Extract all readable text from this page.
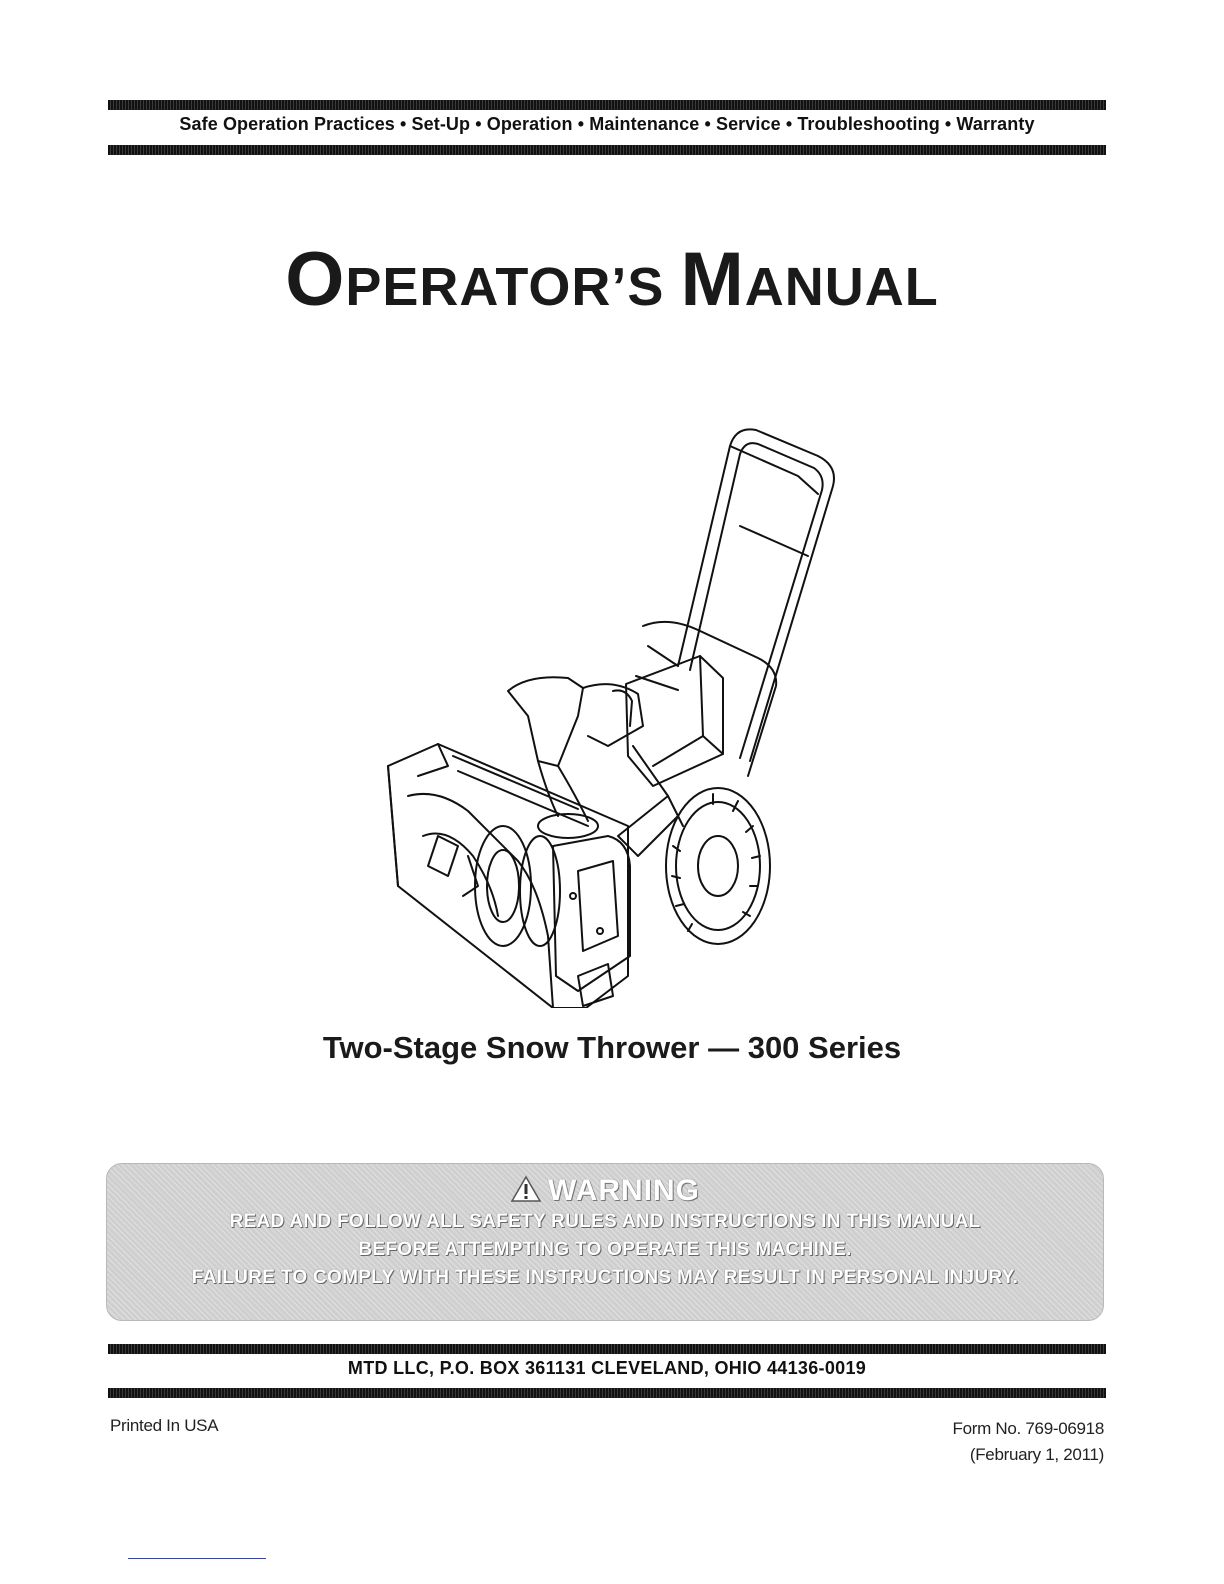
Safe Operation Practices • Set-Up • Operation • Maintenance • Service • Troubleshooting • Warranty
OPERATOR’S MANUAL
Two-Stage Snow Thrower — 300 Series
WARNING
READ AND FOLLOW ALL SAFETY RULES AND INSTRUCTIONS IN THIS MANUAL
BEFORE ATTEMPTING TO OPERATE THIS MACHINE.
FAILURE TO COMPLY WITH THESE INSTRUCTIONS MAY RESULT IN PERSONAL INJURY.
MTD LLC, P.O. BOX 361131 CLEVELAND, OHIO 44136-0019
Printed In USA	Form No. 769-06918
(February 1, 2011)
